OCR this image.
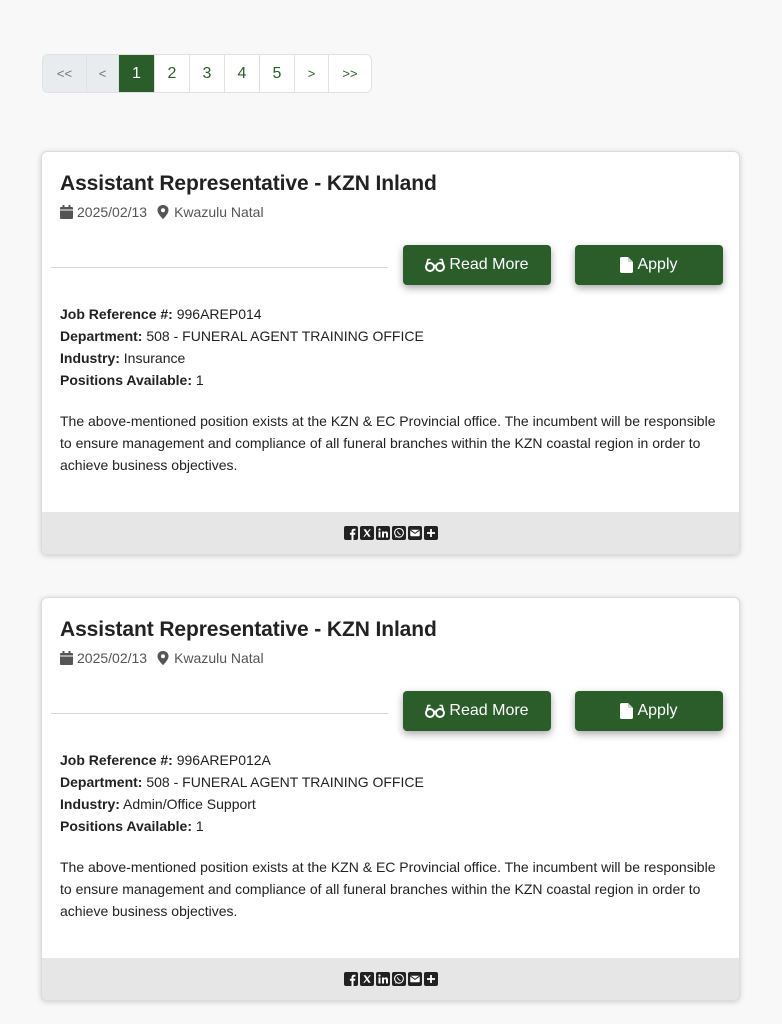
<<	<	1	2	3	4	5	>	>>
Assistant Representative - KZN Inland
2025/02/13 Kwazulu Natal
Read More	Apply
Job Reference #: 996AREP014
Department: 508 - FUNERAL AGENT TRAINING OFFICE
Industry: Insurance
Positions Available: 1

The above-mentioned position exists at the KZN & EC Provincial office. The incumbent will be responsible to ensure management and compliance of all funeral branches within the KZN coastal region in order to achieve business objectives.

Assistant Representative - KZN Inland
2025/02/13 Kwazulu Natal
Read More	Apply
Job Reference #: 996AREP012A
Department: 508 - FUNERAL AGENT TRAINING OFFICE
Industry: Admin/Office Support
Positions Available: 1

The above-mentioned position exists at the KZN & EC Provincial office. The incumbent will be responsible to ensure management and compliance of all funeral branches within the KZN coastal region in order to achieve business objectives.
